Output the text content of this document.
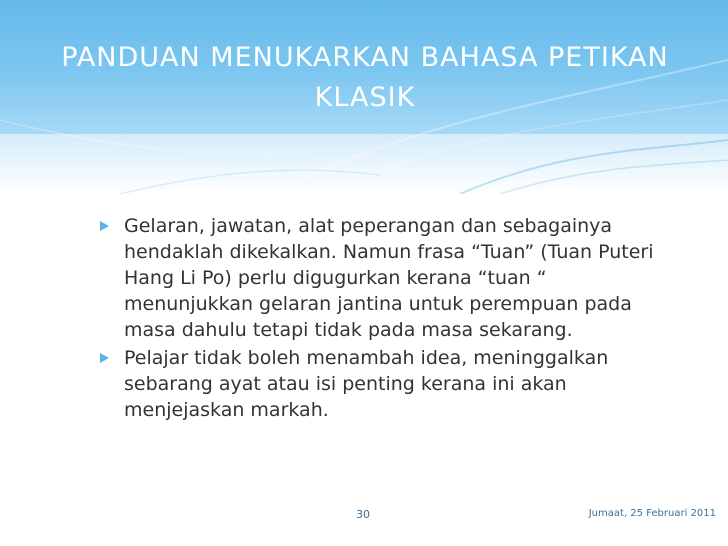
PANDUAN MENUKARKAN BAHASA PETIKAN
KLASIK
Gelaran, jawatan, alat peperangan dan sebagainya hendaklah dikekalkan. Namun frasa “Tuan” (Tuan Puteri Hang Li Po) perlu digugurkan kerana “tuan “ menunjukkan gelaran jantina untuk perempuan pada masa dahulu tetapi tidak pada masa sekarang.
Pelajar tidak boleh menambah idea, meninggalkan sebarang ayat atau isi penting kerana ini akan menjejaskan markah.
30	Jumaat, 25 Februari 2011
